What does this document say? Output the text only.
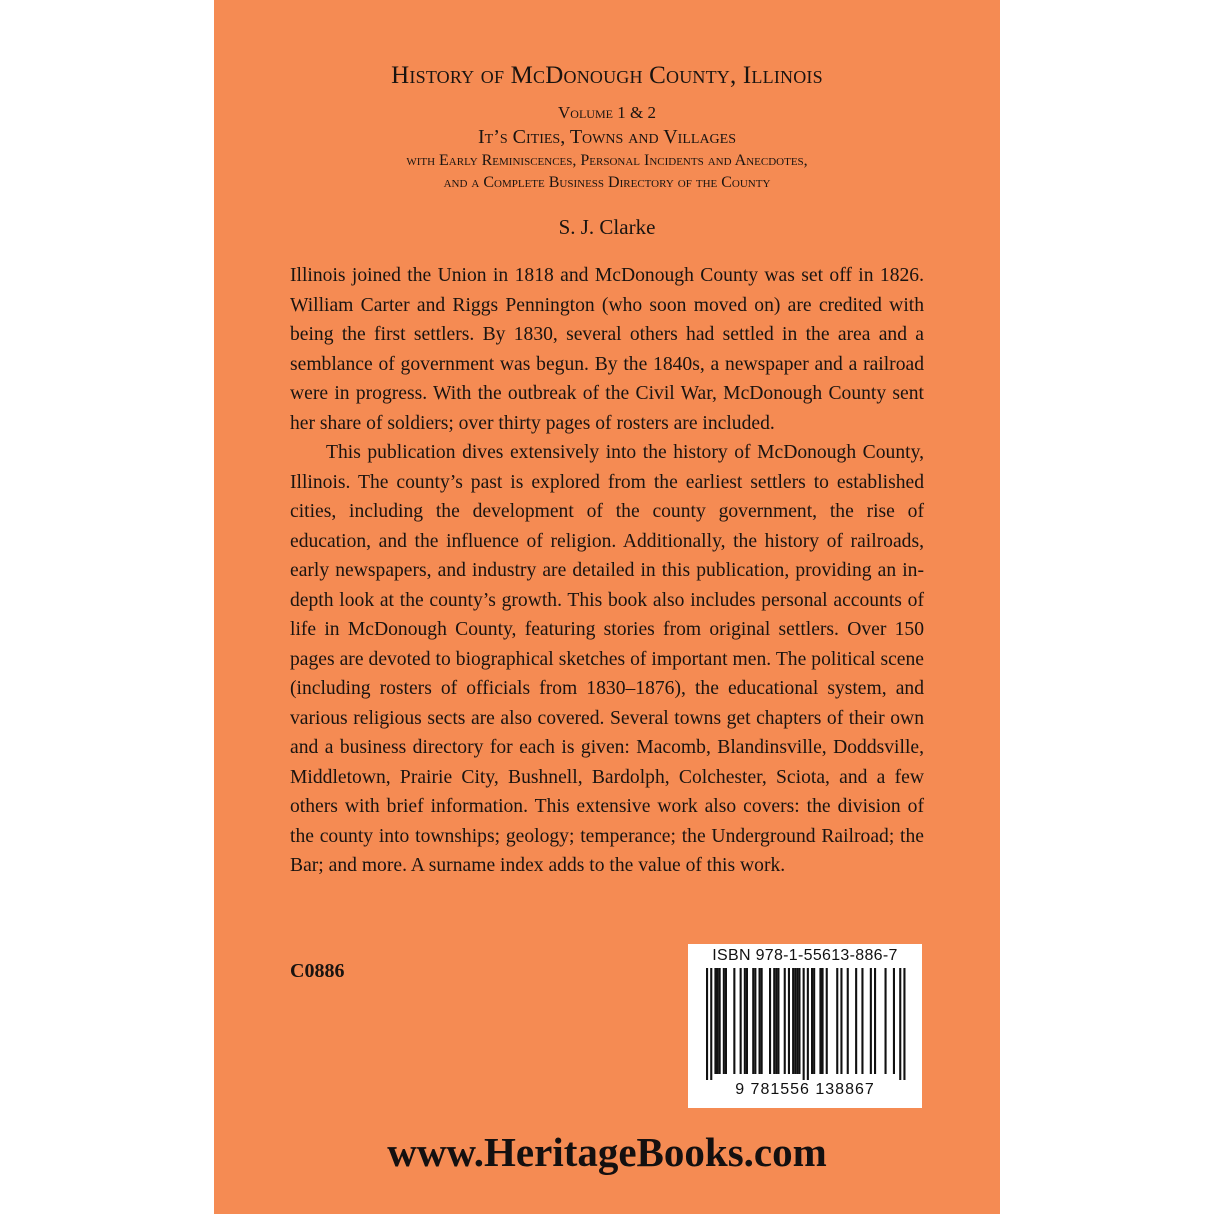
History of McDonough County, Illinois
Volume 1 & 2
It’s Cities, Towns and Villages
with Early Reminiscences, Personal Incidents and Anecdotes,
and a Complete Business Directory of the County
S. J. Clarke

Illinois joined the Union in 1818 and McDonough County was set off in 1826. William Carter and Riggs Pennington (who soon moved on) are credited with being the first settlers. By 1830, several others had settled in the area and a semblance of government was begun. By the 1840s, a newspaper and a railroad were in progress. With the outbreak of the Civil War, McDonough County sent her share of soldiers; over thirty pages of rosters are included.

This publication dives extensively into the history of McDonough County, Illinois. The county’s past is explored from the earliest settlers to established cities, including the development of the county government, the rise of education, and the influence of religion. Additionally, the history of railroads, early newspapers, and industry are detailed in this publication, providing an in-depth look at the county’s growth. This book also includes personal accounts of life in McDonough County, featuring stories from original settlers. Over 150 pages are devoted to biographical sketches of important men. The political scene (including rosters of officials from 1830–1876), the educational system, and various religious sects are also covered. Several towns get chapters of their own and a business directory for each is given: Macomb, Blandinsville, Doddsville, Middletown, Prairie City, Bushnell, Bardolph, Colchester, Sciota, and a few others with brief information. This extensive work also covers: the division of the county into townships; geology; temperance; the Underground Railroad; the Bar; and more. A surname index adds to the value of this work.

C0886
ISBN 978-1-55613-886-7
9 781556 138867
www.HeritageBooks.com
